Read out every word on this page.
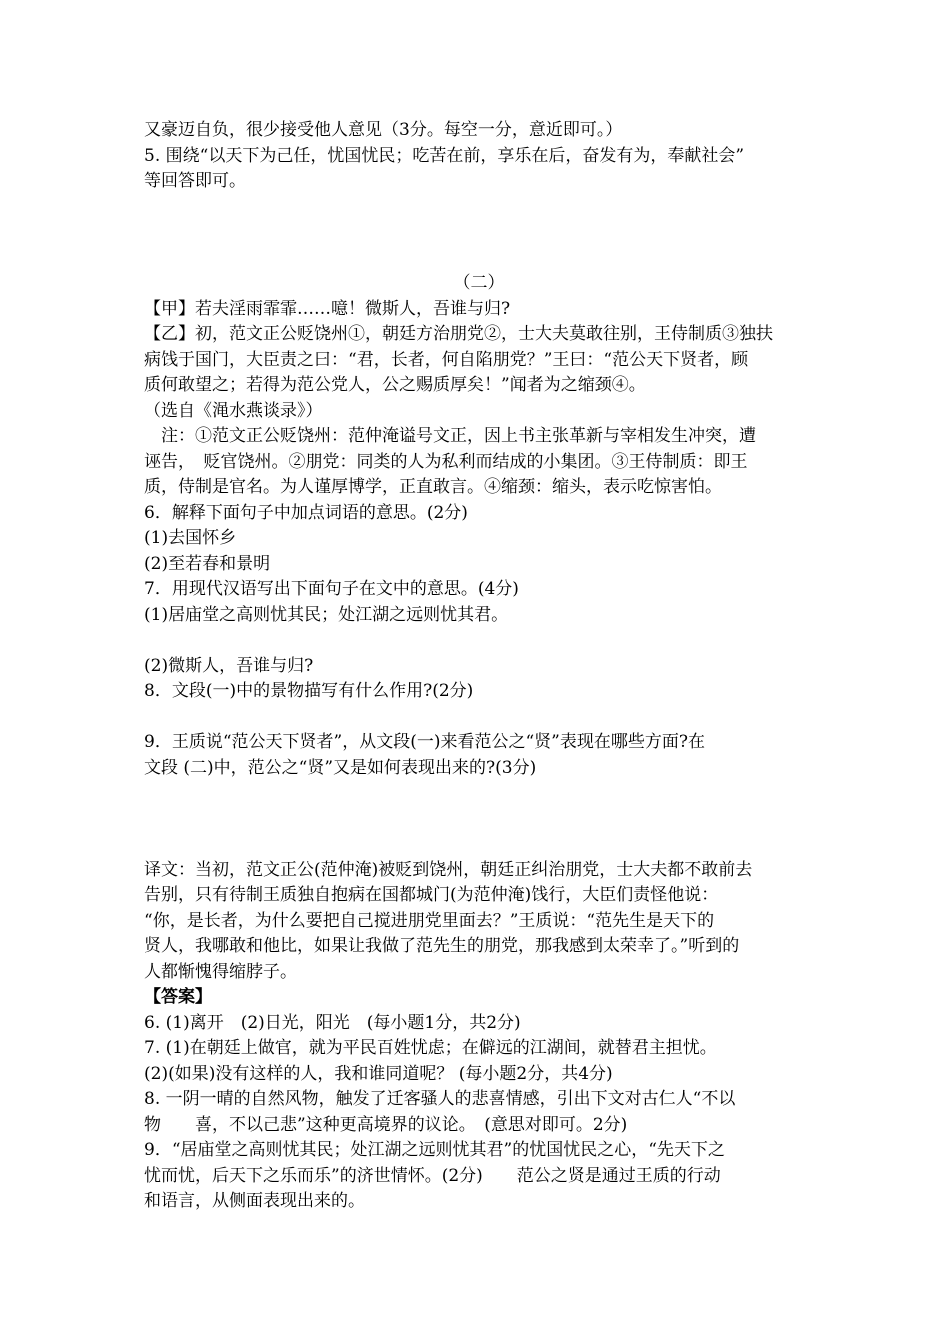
又豪迈自负，很少接受他人意见（3分。每空一分，意近即可。）
5. 围绕“以天下为己任，忧国忧民；吃苦在前，享乐在后，奋发有为，奉献社会”
等回答即可。
（二）
【甲】若夫淫雨霏霏……噫！微斯人，吾谁与归?
【乙】初，范文正公贬饶州①，朝廷方治朋党②，士大夫莫敢往别，王侍制质③独扶
病饯于国门，大臣责之曰：“君，长者，何自陷朋党？”王曰：“范公天下贤者，顾
质何敢望之；若得为范公党人，公之赐质厚矣！”闻者为之缩颈④。
（选自《渑水燕谈录》）
注：①范文正公贬饶州：范仲淹谥号文正，因上书主张革新与宰相发生冲突，遭
诬告，　贬官饶州。②朋党：同类的人为私利而结成的小集团。③王侍制质：即王
质，侍制是官名。为人谨厚博学，正直敢言。④缩颈：缩头，表示吃惊害怕。
6．解释下面句子中加点词语的意思。(2分)
(1)去国怀乡
(2)至若春和景明
7．用现代汉语写出下面句子在文中的意思。(4分)
(1)居庙堂之高则忧其民；处江湖之远则忧其君。
(2)微斯人，吾谁与归?
8．文段(一)中的景物描写有什么作用?(2分)
9．王质说“范公天下贤者”，从文段(一)来看范公之“贤”表现在哪些方面?在
文段 (二)中，范公之“贤”又是如何表现出来的?(3分)
译文：当初，范文正公(范仲淹)被贬到饶州，朝廷正纠治朋党，士大夫都不敢前去
告别，只有待制王质独自抱病在国都城门(为范仲淹)饯行，大臣们责怪他说：
“你，是长者，为什么要把自己搅进朋党里面去？”王质说：“范先生是天下的
贤人，我哪敢和他比，如果让我做了范先生的朋党，那我感到太荣幸了。”听到的
人都惭愧得缩脖子。
【答案】
6. (1)离开　(2)日光，阳光　(每小题1分，共2分)
7. (1)在朝廷上做官，就为平民百姓忧虑；在僻远的江湖间，就替君主担忧。
(2)(如果)没有这样的人，我和谁同道呢？ (每小题2分，共4分)
8. 一阴一晴的自然风物，触发了迁客骚人的悲喜情感，引出下文对古仁人“不以
物　　喜，不以己悲”这种更高境界的议论。　(意思对即可。2分)
9．“居庙堂之高则忧其民；处江湖之远则忧其君”的忧国忧民之心，“先天下之
忧而忧，后天下之乐而乐”的济世情怀。(2分)　　范公之贤是通过王质的行动
和语言，从侧面表现出来的。
